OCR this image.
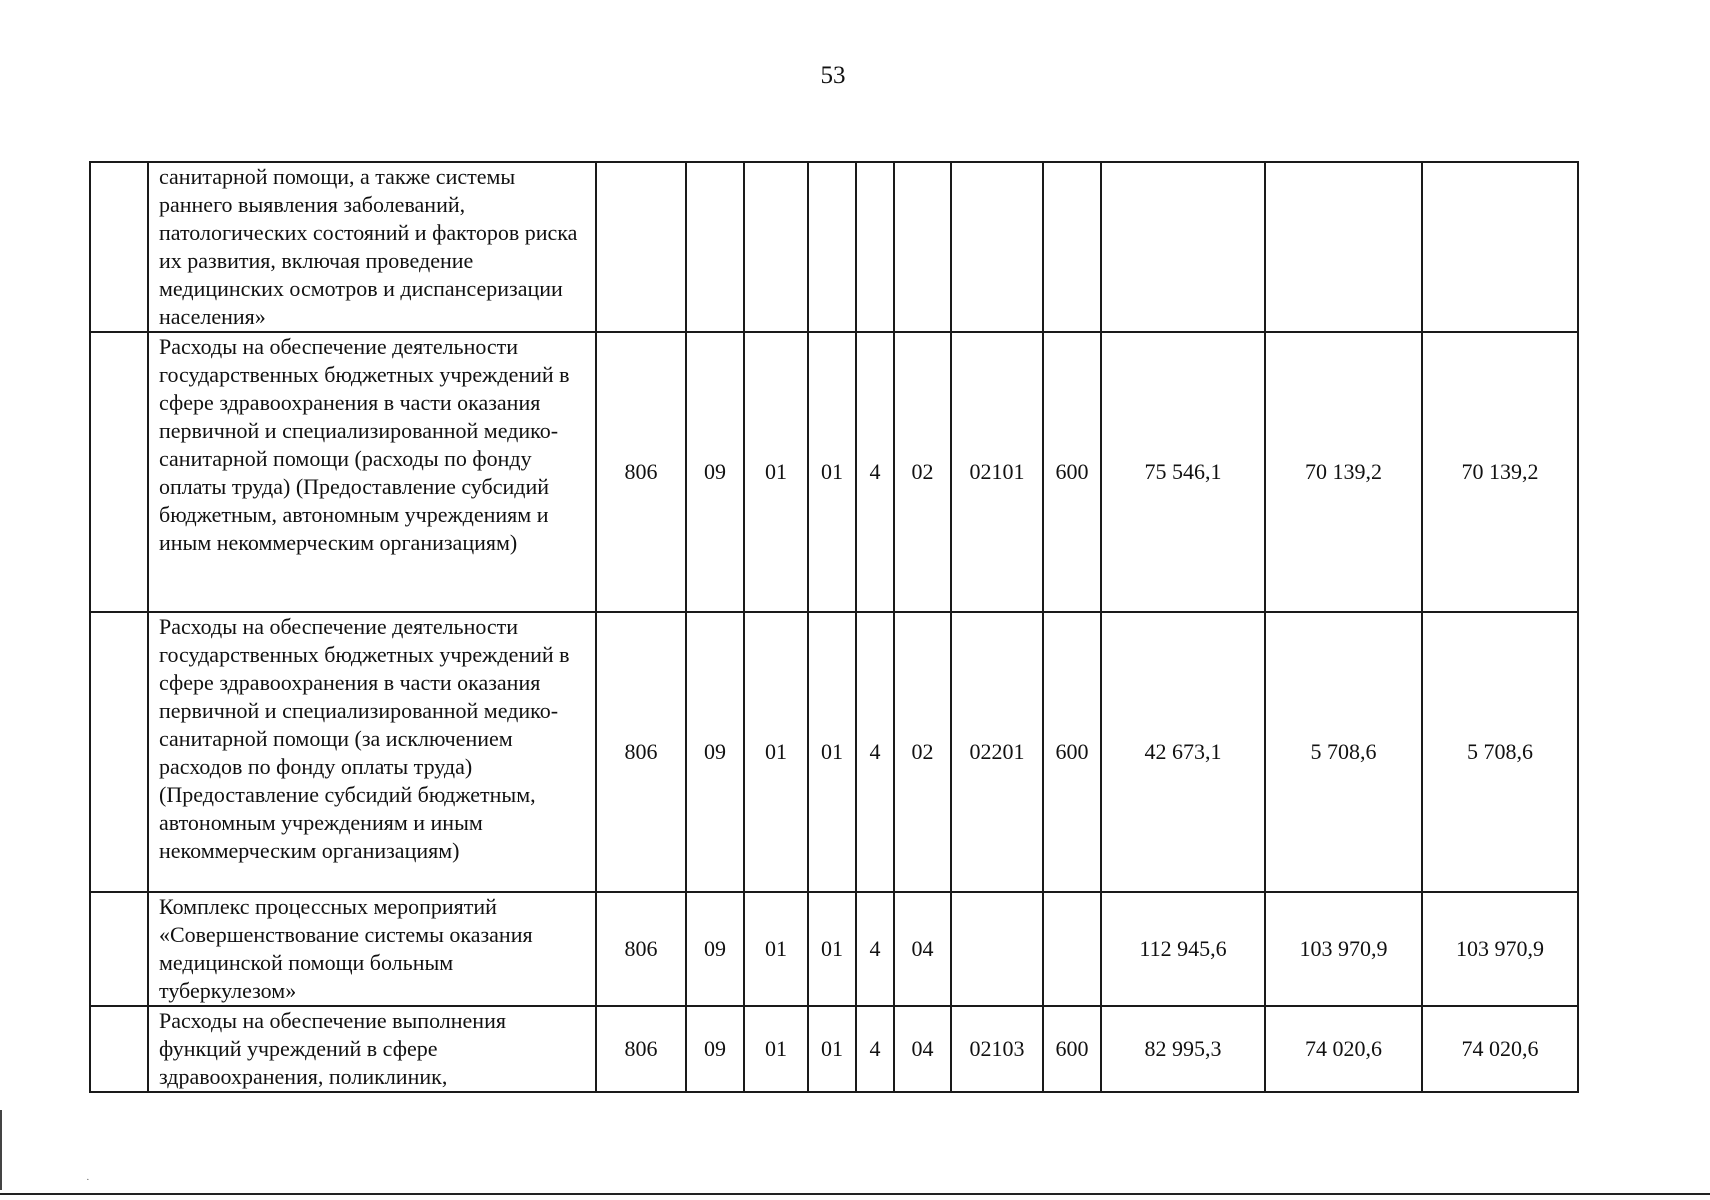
53
	санитарной помощи, а также системы раннего выявления заболеваний, патологических состояний и факторов риска их развития, включая проведение медицинских осмотров и диспансеризации населения»											
	Расходы на обеспечение деятельности государственных бюджетных учреждений в сфере здравоохранения в части оказания первичной и специализированной медико-санитарной помощи (расходы по фонду оплаты труда) (Предоставление субсидий бюджетным, автономным учреждениям и иным некоммерческим организациям)	806	09	01	01	4	02	02101	600	75 546,1	70 139,2	70 139,2
	Расходы на обеспечение деятельности государственных бюджетных учреждений в сфере здравоохранения в части оказания первичной и специализированной медико-санитарной помощи (за исключением расходов по фонду оплаты труда) (Предоставление субсидий бюджетным, автономным учреждениям и иным некоммерческим организациям)	806	09	01	01	4	02	02201	600	42 673,1	5 708,6	5 708,6
	Комплекс процессных мероприятий «Совершенствование системы оказания медицинской помощи больным туберкулезом»	806	09	01	01	4	04			112 945,6	103 970,9	103 970,9
	Расходы на обеспечение выполнения функций учреждений в сфере здравоохранения, поликлиник,	806	09	01	01	4	04	02103	600	82 995,3	74 020,6	74 020,6
·
